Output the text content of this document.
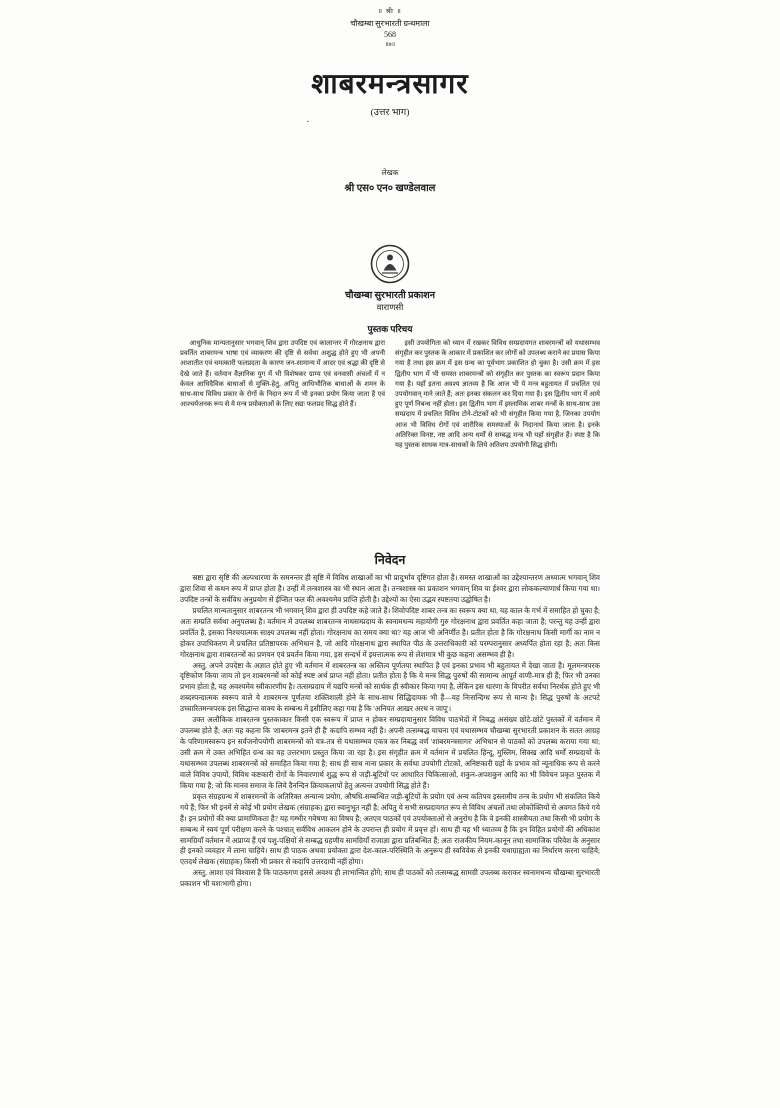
·
॥ श्रीः ॥
चौखम्बा सुरभारती ग्रन्थमाला
568
॥७॥
शाबरमन्त्रसागर
(उत्तर भाग)
लेखक
श्री एस० एन० खण्डेलवाल
चौखम्बा सुरभारती प्रकाशन
वाराणसी
पुस्तक परिचय

आधुनिक मान्यतानुसार भगवान् शिव द्वारा उपदिष्ट एवं कालान्तर में गोरक्षनाथ द्वारा प्रवर्तित शाबरमन्त्र भाषा एवं व्याकरण की दृष्टि से सर्वथा अशुद्ध होते हुए भी अपनी आशातीत एवं चमत्कारी फलप्रदता के कारण जन-सामान्य में आदर एवं श्रद्धा की दृष्टि से देखे जाते हैं। वर्तमान वैज्ञानिक युग में भी विशेषकर ग्राम्य एवं वनवासी अंचलों में न केवल आधिदैविक बाधाओं से मुक्ति-हेतु, अपितु आधिभौतिक बाधाओं के शमन के साथ-साथ विविध प्रकार के रोगों के निदान रूप में भी इनका प्रयोग किया जाता है एवं आश्चर्यजनक रूप से ये मन्त्र प्रयोक्ताओं के लिए सद्यः फलप्रद सिद्ध होते हैं।

इसी उपयोगिता को ध्यान में रखकर विविध सम्प्रदायगत शाबरमन्त्रों को यथासम्भव संगृहीत कर पुस्तक के आकार में प्रकाशित कर लोगों को उपलब्ध कराने का प्रयास किया गया है तथा इस क्रम में इस ग्रन्थ का पूर्वभाग प्रकाशित हो चुका है। उसी क्रम में इस द्वितीय भाग में भी समस्त शाबरमन्त्रों को संगृहीत कर पुस्तक का स्वरूप प्रदान किया गया है। यहाँ इतना अवश्य ज्ञातव्य है कि आज भी ये मन्त्र बहुतायत में प्रचलित एवं उपयोगवान् माने जाते हैं; अतः इनका संकलन कर दिया गया है। इस द्वितीय भाग में आये हुए पूर्ण निबन्ध नहीं होता। इस द्वितीय भाग में इस्लामिक शाबर मन्त्रों के साथ-साथ उस सम्प्रदाय में प्रचलित विविध टोने-टोटकों को भी संगृहीत किया गया है, जिनका उपयोग आज भी विविध रोगों एवं शारीरिक समस्याओं के निदानार्थ किया जाता है। इनके अतिरिक्त विनष्ट, नष्ट आदि अन्य धर्मों से सम्बद्ध मन्त्र भी यहाँ संगृहीत हैं। स्पष्ट है कि यह पुस्तक साधक मात्र-साधकों के लिये अतिशय उपयोगी सिद्ध होगी।

निवेदन

स्रष्टा द्वारा सृष्टि की अल्पधारणा के समनन्तर ही सृष्टि में विविध शाखाओं का भी प्रादुर्भाव दृष्टिगत होता है। समस्त शाखाओं का उद्देश्यान्तरण अध्यात्म भगवान् शिव द्वारा शिवा से कथन रूप में प्राप्त होता है। उन्हीं में तन्त्रशास्त्र का भी स्थान आता है। तन्त्रशास्त्र का प्रकाशन भगवान् शिव या ईश्वर द्वारा लोककल्याणार्थ किया गया था। उपदिष्ट तन्त्रों के सर्वविध अनुप्रयोग से ईप्सित फल की अवश्यमेव प्राप्ति होती है। उद्देश्यों का ऐसा उद्भव स्पष्टतया उद्घोषित है।

प्रचलित मान्यतानुसार शाबरतन्त्र भी भगवान् शिव द्वारा ही उपदिष्ट कहे जाते हैं। शिवोपदिष्ट शाबर तन्त्र का स्वरूप क्या था, यह काल के गर्भ में समाहित हो चुका है; अतः सम्प्रति सर्वथा अनुपलब्ध है। वर्तमान में उपलब्ध शाबरतन्त्र नाथसम्प्रदाय के स्वनामधन्य महायोगी गुरु गोरक्षनाथ द्वारा प्रवर्तित कहा जाता है; परन्तु यह उन्हीं द्वारा प्रवर्तित है, इसका निश्चयात्मक साक्ष्य उपलब्ध नहीं होता। गोरक्षनाथ का समय क्या था? यह आज भी अनिर्णीत है। प्रतीत होता है कि गोरक्षनाथ किसी मार्गी का नाम न होकर उपाधिकरण में प्रचलित प्रतिष्ठापरक अभिधान है, जो आदि गोरक्षनाथ द्वारा स्थापित पीठ के उत्तराधिकारी को परम्परानुसार अध्यर्पित होता रहा है; अतः किस गोरक्षनाथ द्वारा शाबरतन्त्रों का प्रणयन एवं प्रवर्तन किया गया, इस सन्दर्भ में इयत्तात्मक रूप से लेशमात्र भी कुछ कहना असम्भव ही है।

अस्तु, अपने उपदेष्टा के अज्ञात होते हुए भी वर्तमान में शाबरतन्त्र का अस्तित्व पूर्णतया स्थापित है एवं इनका प्रभाव भी बहुतायत में देखा जाता है। मूलमन्त्रपरक दृष्टिकोण किया जाय तो इन शाबरमन्त्रों को कोई स्पष्ट अर्थ प्राप्त नहीं होता। प्रतीत होता है कि ये मन्त्र सिद्ध पुरुषों की सामान्य आपूर्त वाणी-मात्र ही हैं; फिर भी उनका प्रभाव होता है, यह अवश्यमेव स्वीकारणीय है। तत्सम्प्रदाय में यद्यपि मन्त्रों को सार्थक ही स्वीकार किया गया है, लेकिन इस धारणा के विपरीत सर्वथा निरर्थक होते हुए भी शब्दस्पन्दात्मक स्वरूप वाले ये शाबरमन्त्र पूर्णतया शक्तिशाली होने के साथ-साथ सिद्धिदायक भी हैं—यह निःसन्दिग्ध रूप से मान्य है। सिद्ध पुरुषों के अटपटे उच्चारितमन्त्रपरक इस सिद्धान्त वाक्य के सम्बन्ध में इसीलिए कहा गया है कि 'अनियत आखर अरथ न जापू'।

उक्त अलौकिक शाबरतन्त्र पुस्तकाकार किसी एक स्वरूप में प्राप्त न होकर सम्प्रदायानुसार विविध पाठभेदों में निबद्ध असंख्य छोटे-छोटे पुस्तकों में वर्तमान में उपलब्ध होते हैं; अतः यह कहना कि 'शाबरमन्त्र इतने ही हैं' कदापि सम्भव नहीं है। अपनी तत्सम्बद्ध याचना एवं यथासम्भव चौखम्बा सुरभारती प्रकाशन के सतत आग्रह के परिणामस्वरूप इन सर्वजनोपयोगी शाबरमन्त्रों को यत्र-तत्र से यथासम्भव एकत्र कर निबद्ध वर्ण 'शाबरमन्त्रसागर' अभिधान से पाठकों को उपलब्ध कराया गया था; उसी क्रम में उक्त अभिहित ग्रन्थ का यह उत्तरभाग प्रस्तुत किया जा रहा है। इस संगृहीत क्रम में वर्तमान में प्रचलित हिन्दू, मुस्लिम, सिक्ख आदि धर्मों सम्प्रदायों के यथासम्भव उपलब्ध शाबरमन्त्रों को समाहित किया गया है; साथ ही साथ नाना प्रकार के सर्वथा उपयोगी टोटकों, अनिष्टकारी ग्रहों के प्रभाव को न्यूनाधिक रूप से करने वाले विविध उपायों, विविध कष्टकारी रोगों के निवारणार्थ शुद्ध रूप से जड़ी-बूटियों पर आधारित चिकित्साओं, शकुन-अपशकुन आदि का भी विवेचन प्रकृत पुस्तक में किया गया है; जो कि मानव समाज के लिये दैनन्दिन क्रियाकलापों हेतु अत्यन्त उपयोगी सिद्ध होते हैं।

प्रकृत संग्रहग्रन्थ में शाबरमन्त्रों के अतिरिक्त अन्यान्य प्रयोग, औषधि-सम्बन्धित जड़ी-बूटियों के प्रयोग एवं अन्य कतिपय इस्लामीय तन्त्र के प्रयोग भी संकलित किये गये हैं; फिर भी इनमें से कोई भी प्रयोग लेखक (संग्राहक) द्वारा स्वानुभूत नहीं है; अपितु ये सभी सम्प्रदायगत रूप से विविध अंचलों तथा लोकोक्तियों से अवगत किये गये हैं। इन प्रयोगों की क्या प्रामाणिकता है? यह गम्भीर गवेषणा का विषय है; अतएव पाठकों एवं उपयोक्ताओं से अनुरोध है कि वे इनकी शास्त्रीयता तथा किसी भी प्रयोग के सम्बन्ध में स्वयं पूर्ण परीक्षण करने के पश्चात् सर्वविध आकलन होने के उपरान्त ही प्रयोग में प्रवृत्त हों। साथ ही यह भी ध्यातव्य है कि इन विहित प्रयोगों की अधिकांश सामग्रियाँ वर्तमान में अप्राप्य हैं एवं पशु-पक्षियों से सम्बद्ध ग्रहणीय सामग्रियाँ राजाज्ञा द्वारा प्रतिबन्धित हैं; अतः राजकीय नियम-कानून तथा सामाजिक परिवेश के अनुसार ही इनको व्यवहार में लाना चाहिये। साथ ही पाठक अथवा प्रयोक्ता द्वारा देश-काल-परिस्थिति के अनुरूप ही स्वविवेक से इनकी यथाग्राह्यता का निर्धारण करना चाहिये; एतदर्थ लेखक (संग्राहक) किसी भी प्रकार से कदापि उत्तरदायी नहीं होगा।

अस्तु, आशा एवं विश्वास है कि पाठकगण इससे अवश्य ही लाभान्वित होंगे; साथ ही पाठकों को तत्सम्बद्ध सामग्री उपलब्ध कराकर स्वनामधन्य चौखम्बा सुरभारती प्रकाशन भी यशःभागी होगा।
